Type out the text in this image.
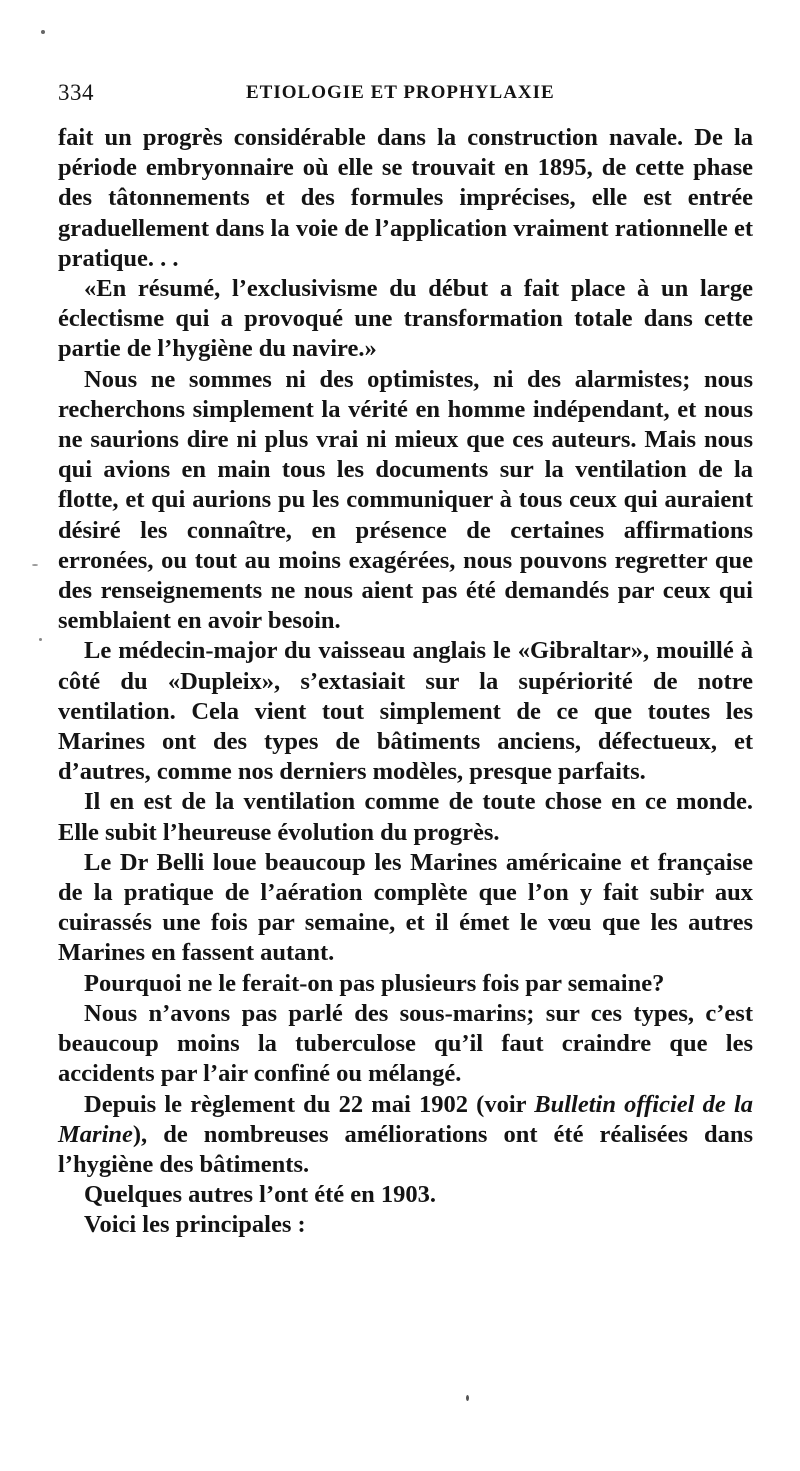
334	ETIOLOGIE ET PROPHYLAXIE

fait un progrès considérable dans la construction navale. De la période embryonnaire où elle se trouvait en 1895, de cette phase des tâtonnements et des formules imprécises, elle est entrée graduellement dans la voie de l’application vraiment rationnelle et pratique. . .

«En résumé, l’exclusivisme du début a fait place à un large éclectisme qui a provoqué une transformation totale dans cette partie de l’hygiène du navire.»

Nous ne sommes ni des optimistes, ni des alarmistes; nous recherchons simplement la vérité en homme indépendant, et nous ne saurions dire ni plus vrai ni mieux que ces auteurs. Mais nous qui avions en main tous les documents sur la ventilation de la flotte, et qui aurions pu les communiquer à tous ceux qui auraient désiré les connaître, en présence de certaines affirmations erronées, ou tout au moins exagérées, nous pouvons regretter que des renseignements ne nous aient pas été demandés par ceux qui semblaient en avoir besoin.

Le médecin-major du vaisseau anglais le «Gibraltar», mouillé à côté du «Dupleix», s’extasiait sur la supériorité de notre ventilation. Cela vient tout simplement de ce que toutes les Marines ont des types de bâtiments anciens, défectueux, et d’autres, comme nos derniers modèles, presque parfaits.

Il en est de la ventilation comme de toute chose en ce monde. Elle subit l’heureuse évolution du progrès.

Le Dr Belli loue beaucoup les Marines américaine et française de la pratique de l’aération complète que l’on y fait subir aux cuirassés une fois par semaine, et il émet le vœu que les autres Marines en fassent autant.

Pourquoi ne le ferait-on pas plusieurs fois par semaine?

Nous n’avons pas parlé des sous-marins; sur ces types, c’est beaucoup moins la tuberculose qu’il faut craindre que les accidents par l’air confiné ou mélangé.

Depuis le règlement du 22 mai 1902 (voir Bulletin officiel de la Marine), de nombreuses améliorations ont été réalisées dans l’hygiène des bâtiments.

Quelques autres l’ont été en 1903.

Voici les principales :
